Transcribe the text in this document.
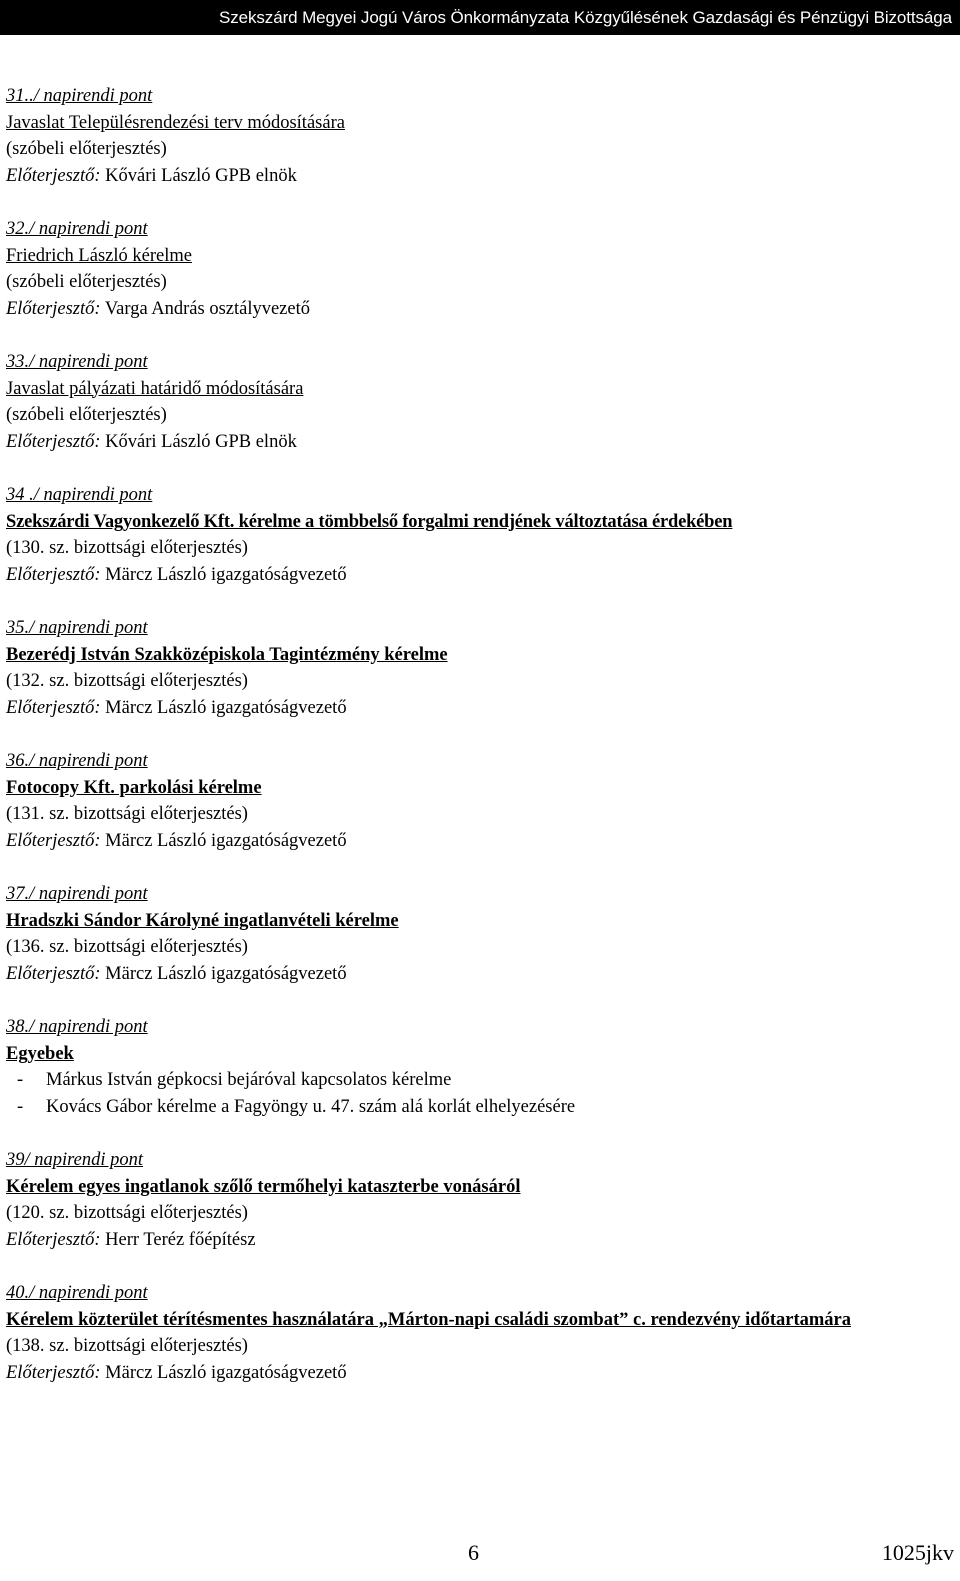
Szekszárd Megyei Jogú Város Önkormányzata Közgyűlésének Gazdasági és Pénzügyi Bizottsága
31../ napirendi pont
Javaslat Településrendezési terv módosítására
(szóbeli előterjesztés)
Előterjesztő: Kővári László GPB elnök
32./ napirendi pont
Friedrich László kérelme
(szóbeli előterjesztés)
Előterjesztő: Varga András osztályvezető
33./ napirendi pont
Javaslat pályázati határidő módosítására
(szóbeli előterjesztés)
Előterjesztő: Kővári László GPB elnök
34 ./ napirendi pont
Szekszárdi Vagyonkezelő Kft. kérelme a tömbbelső forgalmi rendjének változtatása érdekében
(130. sz. bizottsági előterjesztés)
Előterjesztő: Märcz László igazgatóságvezető
35./ napirendi pont
Bezerédj István Szakközépiskola Tagintézmény kérelme
(132. sz. bizottsági előterjesztés)
Előterjesztő: Märcz László igazgatóságvezető
36./ napirendi pont
Fotocopy Kft. parkolási kérelme
(131. sz. bizottsági előterjesztés)
Előterjesztő: Märcz László igazgatóságvezető
37./ napirendi pont
Hradszki Sándor Károlyné ingatlanvételi kérelme
(136. sz. bizottsági előterjesztés)
Előterjesztő: Märcz László igazgatóságvezető
38./ napirendi pont
Egyebek
- Márkus István gépkocsi bejáróval kapcsolatos kérelme
- Kovács Gábor kérelme a Fagyöngy u. 47. szám alá korlát elhelyezésére
39/ napirendi pont
Kérelem egyes ingatlanok szőlő termőhelyi kataszterbe vonásáról
(120. sz. bizottsági előterjesztés)
Előterjesztő: Herr Teréz főépítész
40./ napirendi pont
Kérelem közterület térítésmentes használatára „Márton-napi családi szombat” c. rendezvény időtartamára
(138. sz. bizottsági előterjesztés)
Előterjesztő: Märcz László igazgatóságvezető
6	1025jkv
